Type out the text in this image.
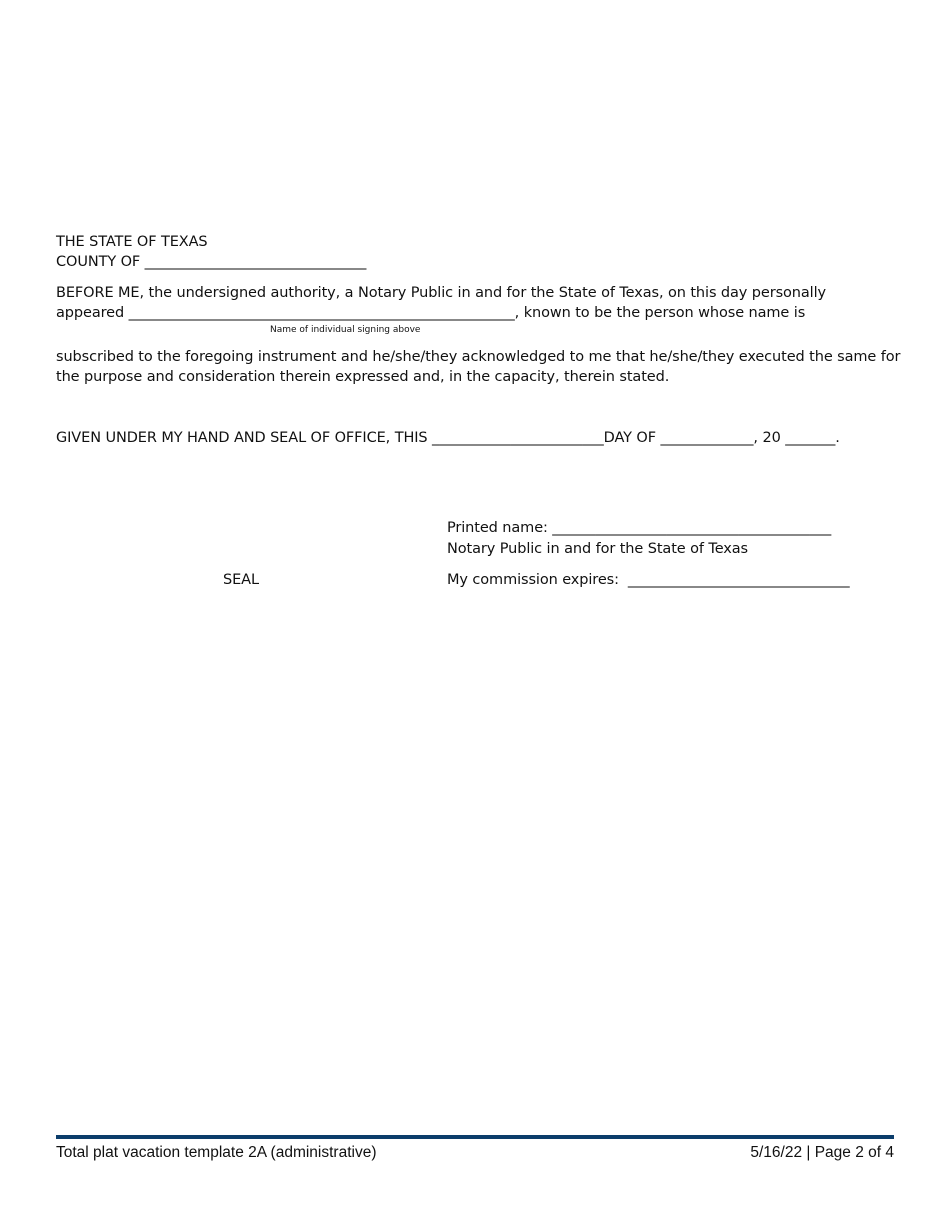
THE STATE OF TEXAS
COUNTY OF _______________________________
BEFORE ME, the undersigned authority, a Notary Public in and for the State of Texas, on this day personally
appeared ______________________________________________________, known to be the person whose name is
Name of individual signing above
subscribed to the foregoing instrument and he/she/they acknowledged to me that he/she/they executed the same for
the purpose and consideration therein expressed and, in the capacity, therein stated.
GIVEN UNDER MY HAND AND SEAL OF OFFICE, THIS ________________________DAY OF _____________, 20 _______.
Printed name: _______________________________________
Notary Public in and for the State of Texas
SEAL	My commission expires:  _______________________________
Total plat vacation template 2A (administrative)	5/16/22 | Page 2 of 4
